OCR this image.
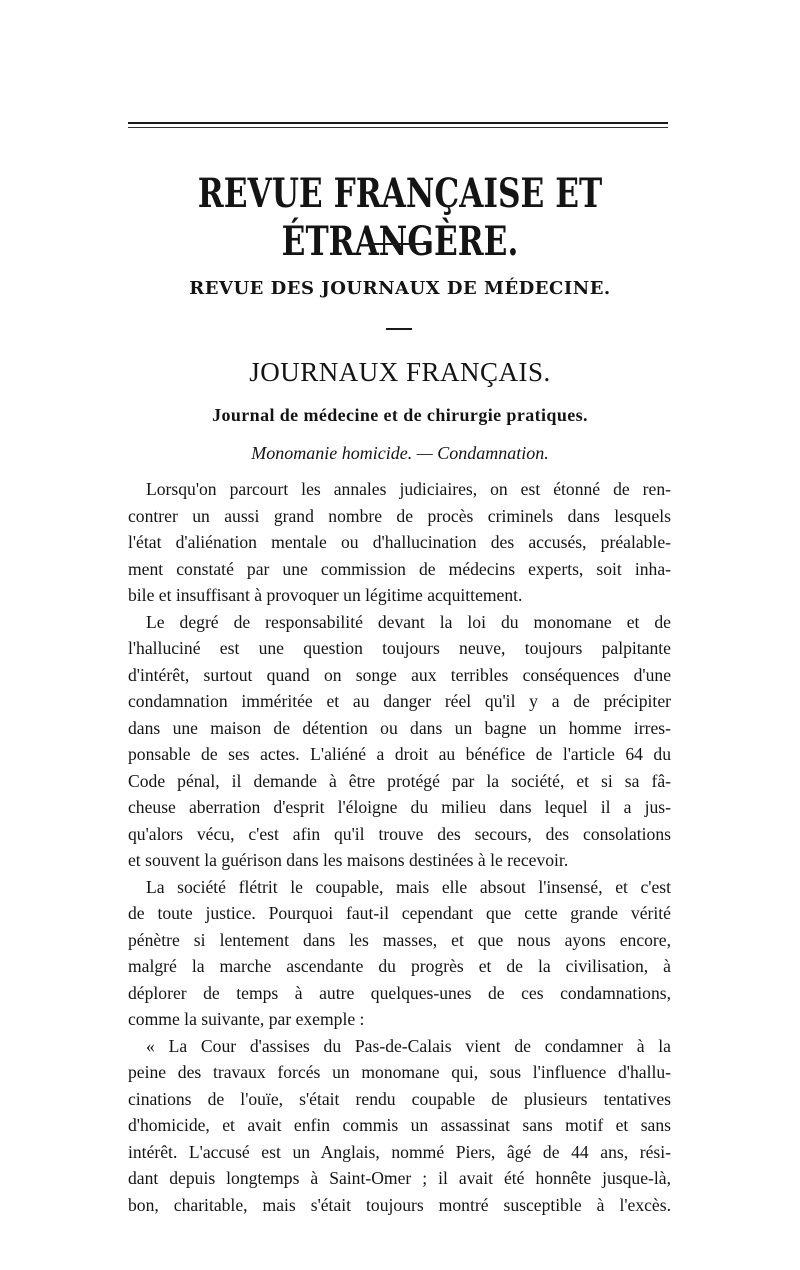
REVUE FRANÇAISE ET ÉTRANGÈRE.
REVUE DES JOURNAUX DE MÉDECINE.
JOURNAUX FRANÇAIS.
Journal de médecine et de chirurgie pratiques.
Monomanie homicide. — Condamnation.
Lorsqu'on parcourt les annales judiciaires, on est étonné de ren-
contrer un aussi grand nombre de procès criminels dans lesquels
l'état d'aliénation mentale ou d'hallucination des accusés, préalable-
ment constaté par une commission de médecins experts, soit inha-
bile et insuffisant à provoquer un légitime acquittement.
Le degré de responsabilité devant la loi du monomane et de
l'halluciné est une question toujours neuve, toujours palpitante
d'intérêt, surtout quand on songe aux terribles conséquences d'une
condamnation imméritée et au danger réel qu'il y a de précipiter
dans une maison de détention ou dans un bagne un homme irres-
ponsable de ses actes. L'aliéné a droit au bénéfice de l'article 64 du
Code pénal, il demande à être protégé par la société, et si sa fâ-
cheuse aberration d'esprit l'éloigne du milieu dans lequel il a jus-
qu'alors vécu, c'est afin qu'il trouve des secours, des consolations
et souvent la guérison dans les maisons destinées à le recevoir.
La société flétrit le coupable, mais elle absout l'insensé, et c'est
de toute justice. Pourquoi faut-il cependant que cette grande vérité
pénètre si lentement dans les masses, et que nous ayons encore,
malgré la marche ascendante du progrès et de la civilisation, à
déplorer de temps à autre quelques-unes de ces condamnations,
comme la suivante, par exemple :
« La Cour d'assises du Pas-de-Calais vient de condamner à la
peine des travaux forcés un monomane qui, sous l'influence d'hallu-
cinations de l'ouïe, s'était rendu coupable de plusieurs tentatives
d'homicide, et avait enfin commis un assassinat sans motif et sans
intérêt. L'accusé est un Anglais, nommé Piers, âgé de 44 ans, rési-
dant depuis longtemps à Saint-Omer ; il avait été honnête jusque-là,
bon, charitable, mais s'était toujours montré susceptible à l'excès.
